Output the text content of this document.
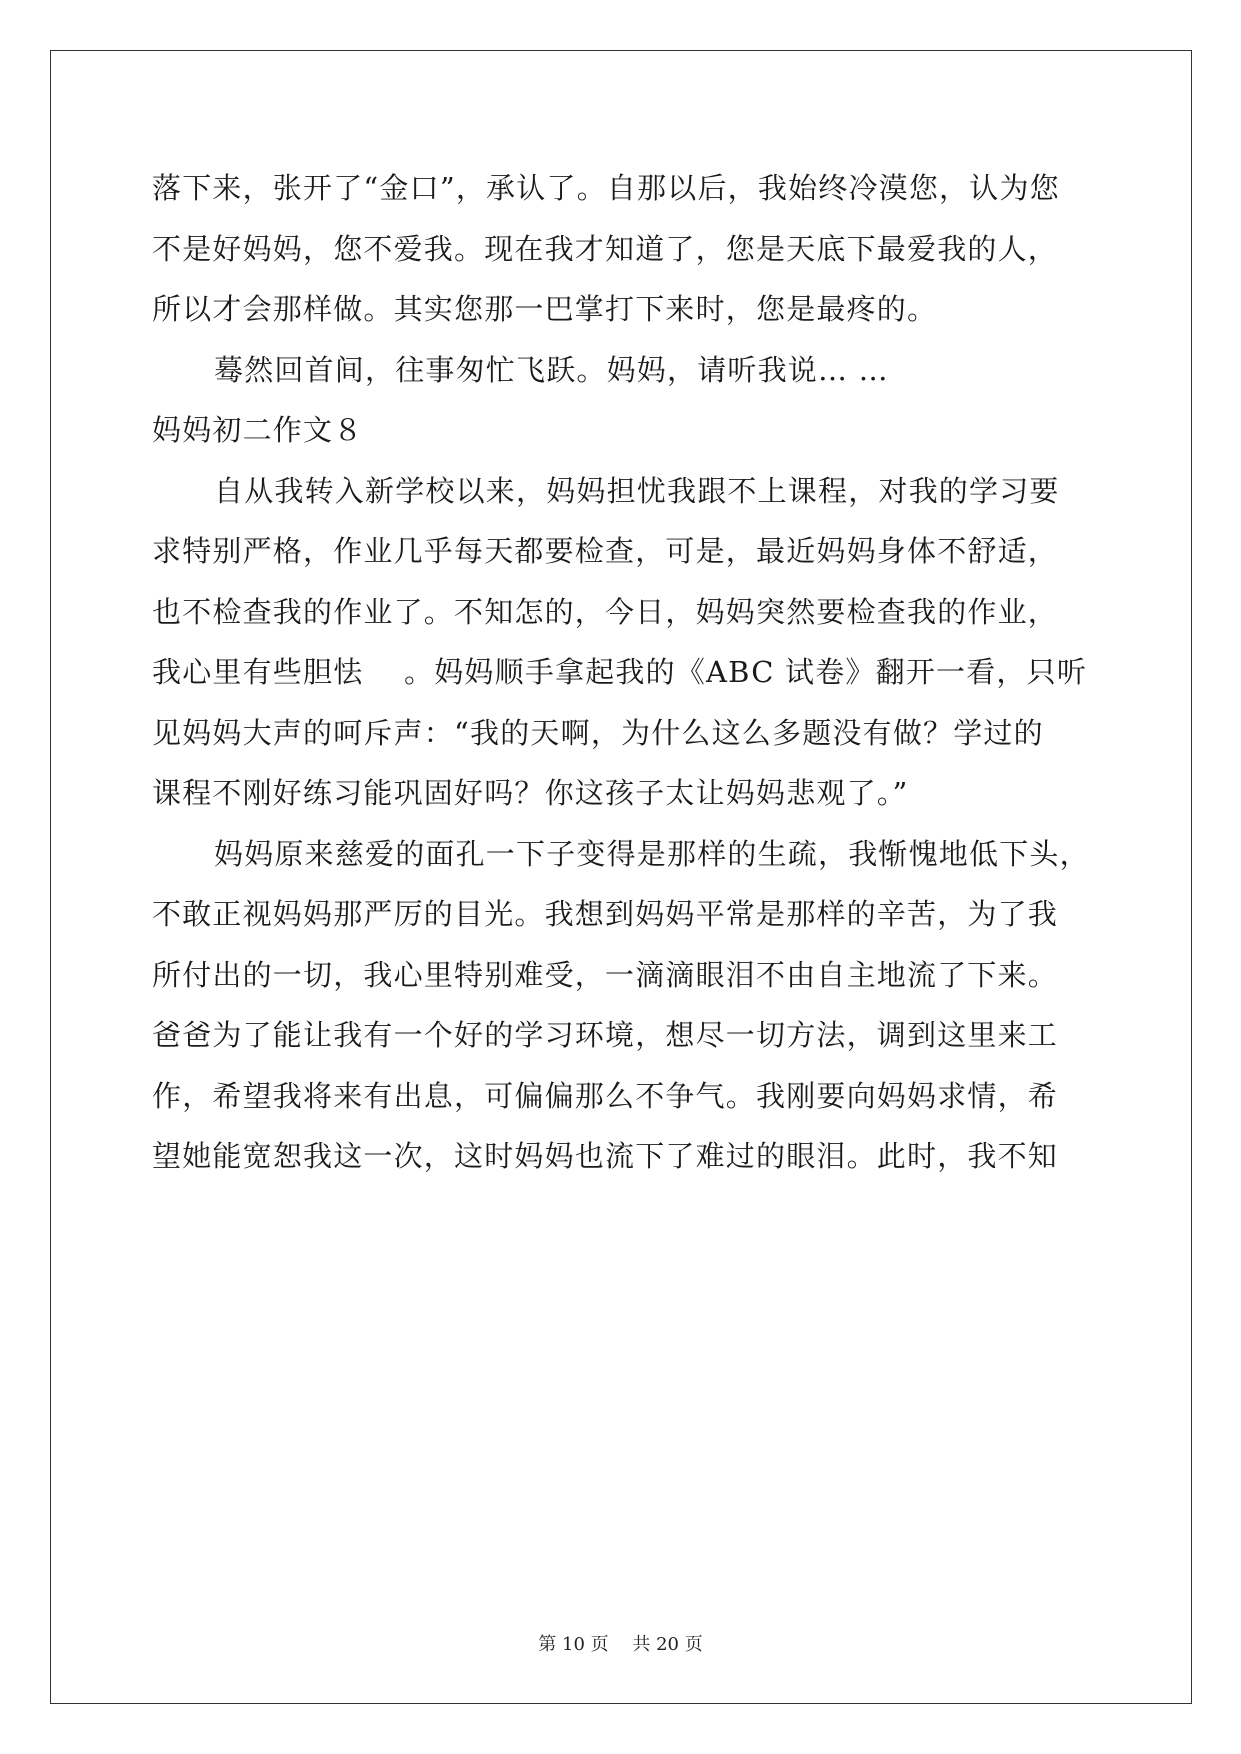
落下来，张开了“金口”，承认了。自那以后，我始终冷漠您，认为您
不是好妈妈，您不爱我。现在我才知道了，您是天底下最爱我的人，
所以才会那样做。其实您那一巴掌打下来时，您是最疼的。
蓦然回首间，往事匆忙飞跃。妈妈，请听我说… …
妈妈初二作文８
自从我转入新学校以来，妈妈担忧我跟不上课程，对我的学习要
求特别严格，作业几乎每天都要检查，可是，最近妈妈身体不舒适，
也不检查我的作业了。不知怎的，今日，妈妈突然要检查我的作业，
我心里有些胆怯　 。妈妈顺手拿起我的《ABC 试卷》翻开一看，只听
见妈妈大声的呵斥声：“我的天啊，为什么这么多题没有做？学过的
课程不刚好练习能巩固好吗？你这孩子太让妈妈悲观了。”
妈妈原来慈爱的面孔一下子变得是那样的生疏，我惭愧地低下头，
不敢正视妈妈那严厉的目光。我想到妈妈平常是那样的辛苦，为了我
所付出的一切，我心里特别难受，一滴滴眼泪不由自主地流了下来。
爸爸为了能让我有一个好的学习环境，想尽一切方法，调到这里来工
作，希望我将来有出息，可偏偏那么不争气。我刚要向妈妈求情，希
望她能宽恕我这一次，这时妈妈也流下了难过的眼泪。此时，我不知
第 10 页 共 20 页
